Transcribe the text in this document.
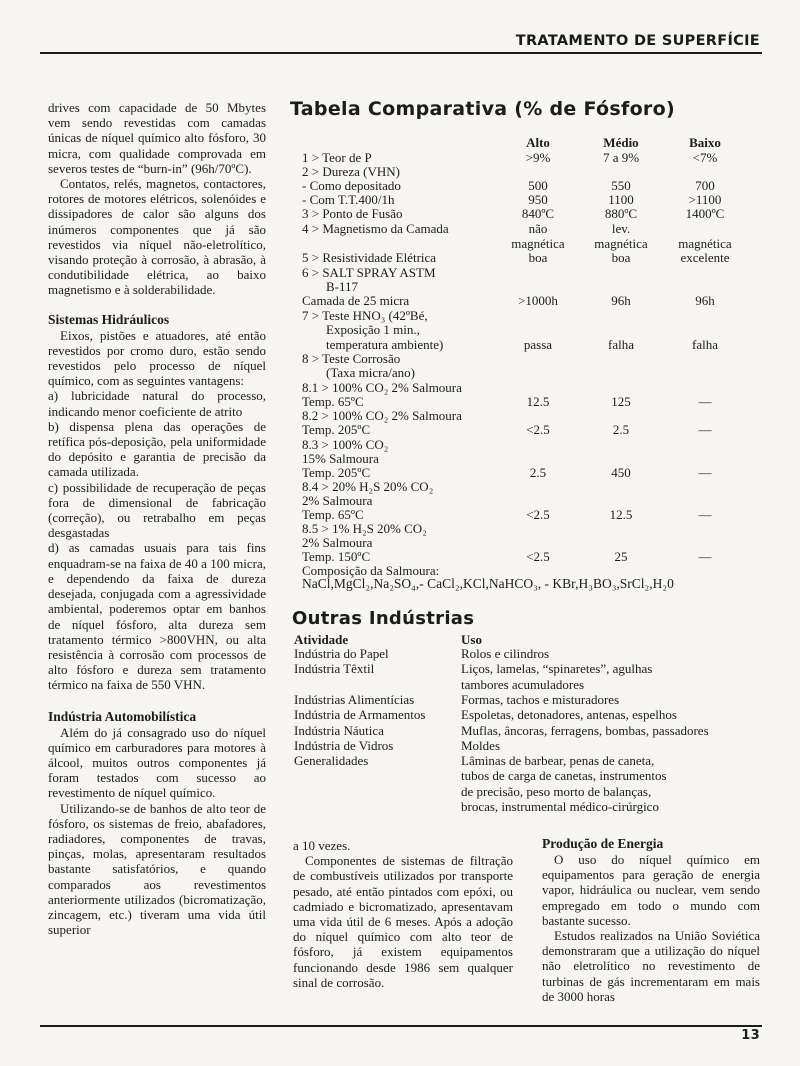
TRATAMENTO DE SUPERFÍCIE

drives com capacidade de 50 Mbytes vem sendo revestidas com camadas únicas de níquel químico alto fósforo, 30 micra, com qualidade comprovada em severos testes de “burn-in” (96h/70ºC).

Contatos, relés, magnetos, contactores, rotores de motores elétricos, solenóides e dissipadores de calor são alguns dos inúmeros componentes que já são revestidos via níquel não-eletrolítico, visando proteção à corrosão, à abrasão, à condutibilidade elétrica, ao baixo magnetismo e à solderabilidade.

Sistemas Hidráulicos

Eixos, pistões e atuadores, até então revestidos por cromo duro, estão sendo revestidos pelo processo de níquel químico, com as seguintes vantagens:

a) lubricidade natural do processo, indicando menor coeficiente de atrito

b) dispensa plena das operações de retífica pós-deposição, pela uniformidade do depósito e garantia de precisão da camada utilizada.

c) possibilidade de recuperação de peças fora de dimensional de fabricação (correção), ou retrabalho em peças desgastadas

d) as camadas usuais para tais fins enquadram-se na faixa de 40 a 100 micra, e dependendo da faixa de dureza desejada, conjugada com a agressividade ambiental, poderemos optar em banhos de níquel fósforo, alta dureza sem tratamento térmico >800VHN, ou alta resistência à corrosão com processos de alto fósforo e dureza sem tratamento térmico na faixa de 550 VHN.

Indústria Automobilística

Além do já consagrado uso do níquel químico em carburadores para motores à álcool, muitos outros componentes já foram testados com sucesso ao revestimento de níquel químico.

Utilizando-se de banhos de alto teor de fósforo, os sistemas de freio, abafadores, radiadores, componentes de travas, pinças, molas, apresentaram resultados bastante satisfatórios, e quando comparados aos revestimentos anteriormente utilizados (bicromatização, zincagem, etc.) tiveram uma vida útil superior

Tabela Comparativa (% de Fósforo)
Alto	Médio	Baixo
1 > Teor de P	>9%	7 a 9%	<7%
2 > Dureza (VHN)
- Como depositado	500	550	700
- Com T.T.400/1h	950	1100	>1100
3 > Ponto de Fusão	840ºC	880ºC	1400ºC
4 > Magnetismo da Camada	não	lev.
magnética	magnética	magnética
5 > Resistividade Elétrica	boa	boa	excelente
6 > SALT SPRAY ASTM
B-117
Camada de 25 micra	>1000h	96h	96h
7 > Teste HNO₃ (42ºBé,
Exposição 1 min.,
temperatura ambiente)	passa	falha	falha
8 > Teste Corrosão
(Taxa micra/ano)
8.1 > 100% CO₂ 2% Salmoura
Temp. 65ºC	12.5	125	—
8.2 > 100% CO₂ 2% Salmoura
Temp. 205ºC	<2.5	2.5	—
8.3 > 100% CO₂
15% Salmoura
Temp. 205ºC	2.5	450	—
8.4 > 20% H₂S 20% CO₂
2% Salmoura
Temp. 65ºC	<2.5	12.5	—
8.5 > 1% H₂S 20% CO₂
2% Salmoura
Temp. 150ºC	<2.5	25	—
Composição da Salmoura:
NaCl,MgCl₂,Na₂SO₄,- CaCl₂,KCl,NaHCO₃, - KBr,H₃BO₃,SrCl₂,H₂0
Outras Indústrias
Atividade	Uso
Indústria do Papel	Rolos e cilindros
Indústria Têxtil	Liços, lamelas, “spinaretes”, agulhas
tambores acumuladores
Indústrias Alimentícias	Formas, tachos e misturadores
Indústria de Armamentos	Espoletas, detonadores, antenas, espelhos
Indústria Náutica	Muflas, âncoras, ferragens, bombas, passadores
Indústria de Vidros	Moldes
Generalidades	Lâminas de barbear, penas de caneta,
tubos de carga de canetas, instrumentos
de precisão, peso morto de balanças,
brocas, instrumental médico-cirúrgico

a 10 vezes.

Componentes de sistemas de filtração de combustíveis utilizados por transporte pesado, até então pintados com epóxi, ou cadmiado e bicromatizado, apresentavam uma vida útil de 6 meses. Após a adoção do níquel químico com alto teor de fósforo, já existem equipamentos funcionando desde 1986 sem qualquer sinal de corrosão.

Produção de Energia

O uso do níquel químico em equipamentos para geração de energia vapor, hidráulica ou nuclear, vem sendo empregado em todo o mundo com bastante sucesso.

Estudos realizados na União Soviética demonstraram que a utilização do níquel não eletrolítico no revestimento de turbinas de gás incrementaram em mais de 3000 horas

13
